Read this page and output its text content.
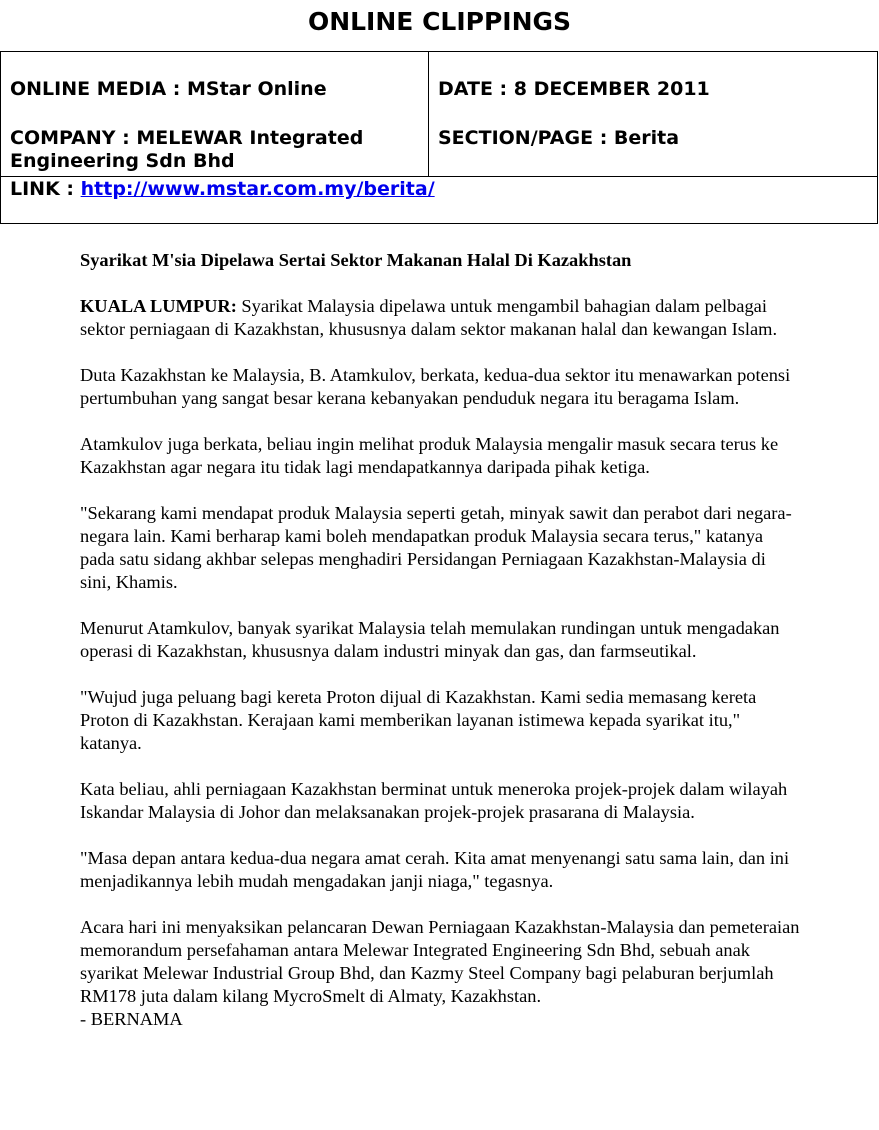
ONLINE CLIPPINGS
ONLINE MEDIA : MStar Online
COMPANY : MELEWAR Integrated Engineering Sdn Bhd
DATE : 8 DECEMBER 2011
SECTION/PAGE : Berita
LINK : http://www.mstar.com.my/berita/

Syarikat M'sia Dipelawa Sertai Sektor Makanan Halal Di Kazakhstan

KUALA LUMPUR: Syarikat Malaysia dipelawa untuk mengambil bahagian dalam pelbagai sektor perniagaan di Kazakhstan, khususnya dalam sektor makanan halal dan kewangan Islam.

Duta Kazakhstan ke Malaysia, B. Atamkulov, berkata, kedua-dua sektor itu menawarkan potensi pertumbuhan yang sangat besar kerana kebanyakan penduduk negara itu beragama Islam.

Atamkulov juga berkata, beliau ingin melihat produk Malaysia mengalir masuk secara terus ke Kazakhstan agar negara itu tidak lagi mendapatkannya daripada pihak ketiga.

"Sekarang kami mendapat produk Malaysia seperti getah, minyak sawit dan perabot dari negara-negara lain. Kami berharap kami boleh mendapatkan produk Malaysia secara terus," katanya pada satu sidang akhbar selepas menghadiri Persidangan Perniagaan Kazakhstan-Malaysia di sini, Khamis.

Menurut Atamkulov, banyak syarikat Malaysia telah memulakan rundingan untuk mengadakan operasi di Kazakhstan, khususnya dalam industri minyak dan gas, dan farmseutikal.

"Wujud juga peluang bagi kereta Proton dijual di Kazakhstan. Kami sedia memasang kereta Proton di Kazakhstan. Kerajaan kami memberikan layanan istimewa kepada syarikat itu," katanya.

Kata beliau, ahli perniagaan Kazakhstan berminat untuk meneroka projek-projek dalam wilayah Iskandar Malaysia di Johor dan melaksanakan projek-projek prasarana di Malaysia.

"Masa depan antara kedua-dua negara amat cerah. Kita amat menyenangi satu sama lain, dan ini menjadikannya lebih mudah mengadakan janji niaga," tegasnya.

Acara hari ini menyaksikan pelancaran Dewan Perniagaan Kazakhstan-Malaysia dan pemeteraian memorandum persefahaman antara Melewar Integrated Engineering Sdn Bhd, sebuah anak syarikat Melewar Industrial Group Bhd, dan Kazmy Steel Company bagi pelaburan berjumlah RM178 juta dalam kilang MycroSmelt di Almaty, Kazakhstan.
- BERNAMA
